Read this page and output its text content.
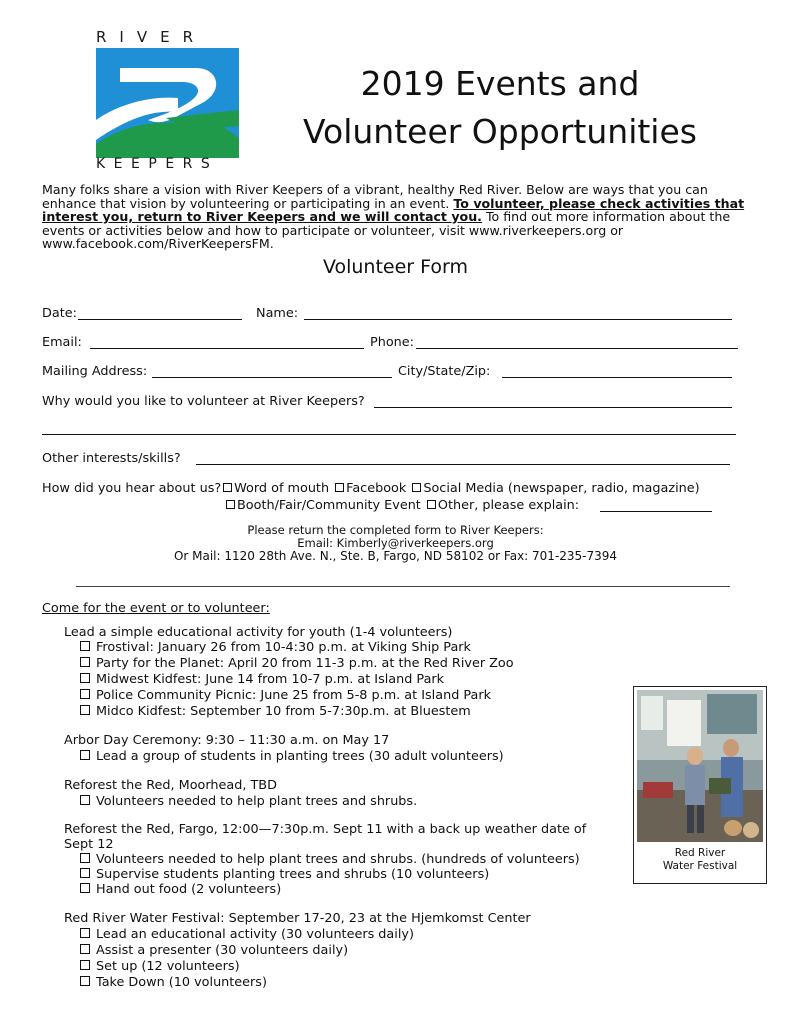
RIVER
KEEPERS
2019 Events and
Volunteer Opportunities
Many folks share a vision with River Keepers of a vibrant, healthy Red River. Below are ways that you can enhance that vision by volunteering or participating in an event. To volunteer, please check activities that interest you, return to River Keepers and we will contact you. To find out more information about the events or activities below and how to participate or volunteer, visit www.riverkeepers.org or www.facebook.com/RiverKeepersFM.
Volunteer Form
Date:	Name:
Email:	Phone:
Mailing Address:	City/State/Zip:
Why would you like to volunteer at River Keepers?
Other interests/skills?
How did you hear about us? Word of mouth Facebook Social Media (newspaper, radio, magazine)
Booth/Fair/Community Event Other, please explain:
Please return the completed form to River Keepers:
Email: Kimberly@riverkeepers.org
Or Mail: 1120 28th Ave. N., Ste. B, Fargo, ND 58102 or Fax: 701-235-7394
Come for the event or to volunteer:
Lead a simple educational activity for youth (1-4 volunteers)
Frostival: January 26 from 10-4:30 p.m. at Viking Ship Park
Party for the Planet: April 20 from 11-3 p.m. at the Red River Zoo
Midwest Kidfest: June 14 from 10-7 p.m. at Island Park
Police Community Picnic: June 25 from 5-8 p.m. at Island Park
Midco Kidfest: September 10 from 5-7:30p.m. at Bluestem
Arbor Day Ceremony: 9:30 – 11:30 a.m. on May 17
Lead a group of students in planting trees (30 adult volunteers)
Reforest the Red, Moorhead, TBD
Volunteers needed to help plant trees and shrubs.
Reforest the Red, Fargo, 12:00—7:30p.m. Sept 11 with a back up weather date of
Sept 12
Volunteers needed to help plant trees and shrubs. (hundreds of volunteers)
Supervise students planting trees and shrubs (10 volunteers)
Hand out food (2 volunteers)
Red River Water Festival: September 17-20, 23 at the Hjemkomst Center
Lead an educational activity (30 volunteers daily)
Assist a presenter (30 volunteers daily)
Set up (12 volunteers)
Take Down (10 volunteers)
Red River
Water Festival
